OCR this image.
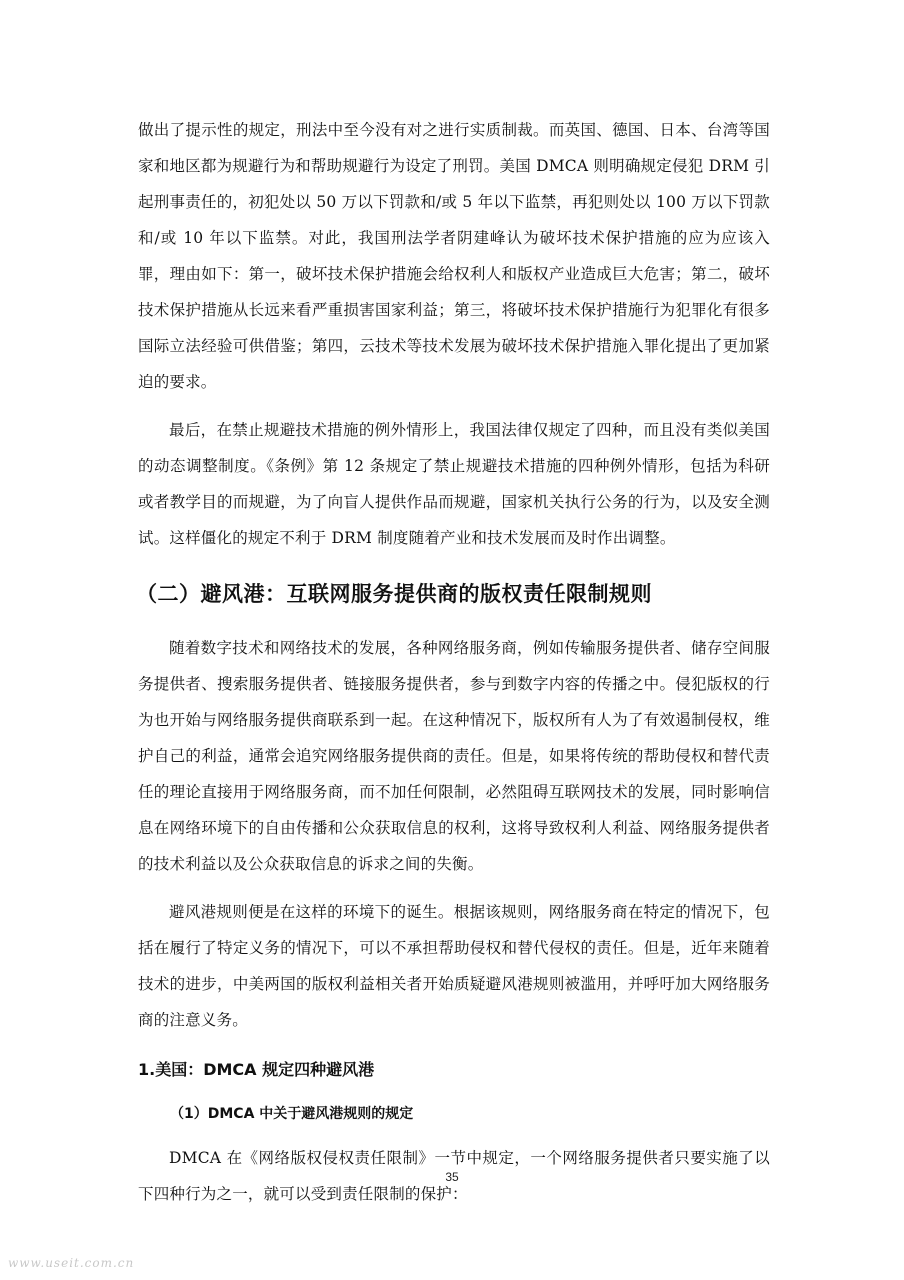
做出了提示性的规定，刑法中至今没有对之进行实质制裁。而英国、德国、日本、台湾等国家和地区都为规避行为和帮助规避行为设定了刑罚。美国 DMCA 则明确规定侵犯 DRM 引起刑事责任的，初犯处以 50 万以下罚款和/或 5 年以下监禁，再犯则处以 100 万以下罚款和/或 10 年以下监禁。对此，我国刑法学者阴建峰认为破坏技术保护措施的应为应该入罪，理由如下：第一，破坏技术保护措施会给权利人和版权产业造成巨大危害；第二，破坏技术保护措施从长远来看严重损害国家利益；第三，将破坏技术保护措施行为犯罪化有很多国际立法经验可供借鉴；第四，云技术等技术发展为破坏技术保护措施入罪化提出了更加紧迫的要求。

最后，在禁止规避技术措施的例外情形上，我国法律仅规定了四种，而且没有类似美国的动态调整制度。《条例》第 12 条规定了禁止规避技术措施的四种例外情形，包括为科研或者教学目的而规避，为了向盲人提供作品而规避，国家机关执行公务的行为，以及安全测试。这样僵化的规定不利于 DRM 制度随着产业和技术发展而及时作出调整。

（二）避风港：互联网服务提供商的版权责任限制规则

随着数字技术和网络技术的发展，各种网络服务商，例如传输服务提供者、储存空间服务提供者、搜索服务提供者、链接服务提供者，参与到数字内容的传播之中。侵犯版权的行为也开始与网络服务提供商联系到一起。在这种情况下，版权所有人为了有效遏制侵权，维护自己的利益，通常会追究网络服务提供商的责任。但是，如果将传统的帮助侵权和替代责任的理论直接用于网络服务商，而不加任何限制，必然阻碍互联网技术的发展，同时影响信息在网络环境下的自由传播和公众获取信息的权利，这将导致权利人利益、网络服务提供者的技术利益以及公众获取信息的诉求之间的失衡。

避风港规则便是在这样的环境下的诞生。根据该规则，网络服务商在特定的情况下，包括在履行了特定义务的情况下，可以不承担帮助侵权和替代侵权的责任。但是，近年来随着技术的进步，中美两国的版权利益相关者开始质疑避风港规则被滥用，并呼吁加大网络服务商的注意义务。

1.美国：DMCA 规定四种避风港
（1）DMCA 中关于避风港规则的规定

DMCA 在《网络版权侵权责任限制》一节中规定，一个网络服务提供者只要实施了以下四种行为之一，就可以受到责任限制的保护：

35
www.useit.com.cn
